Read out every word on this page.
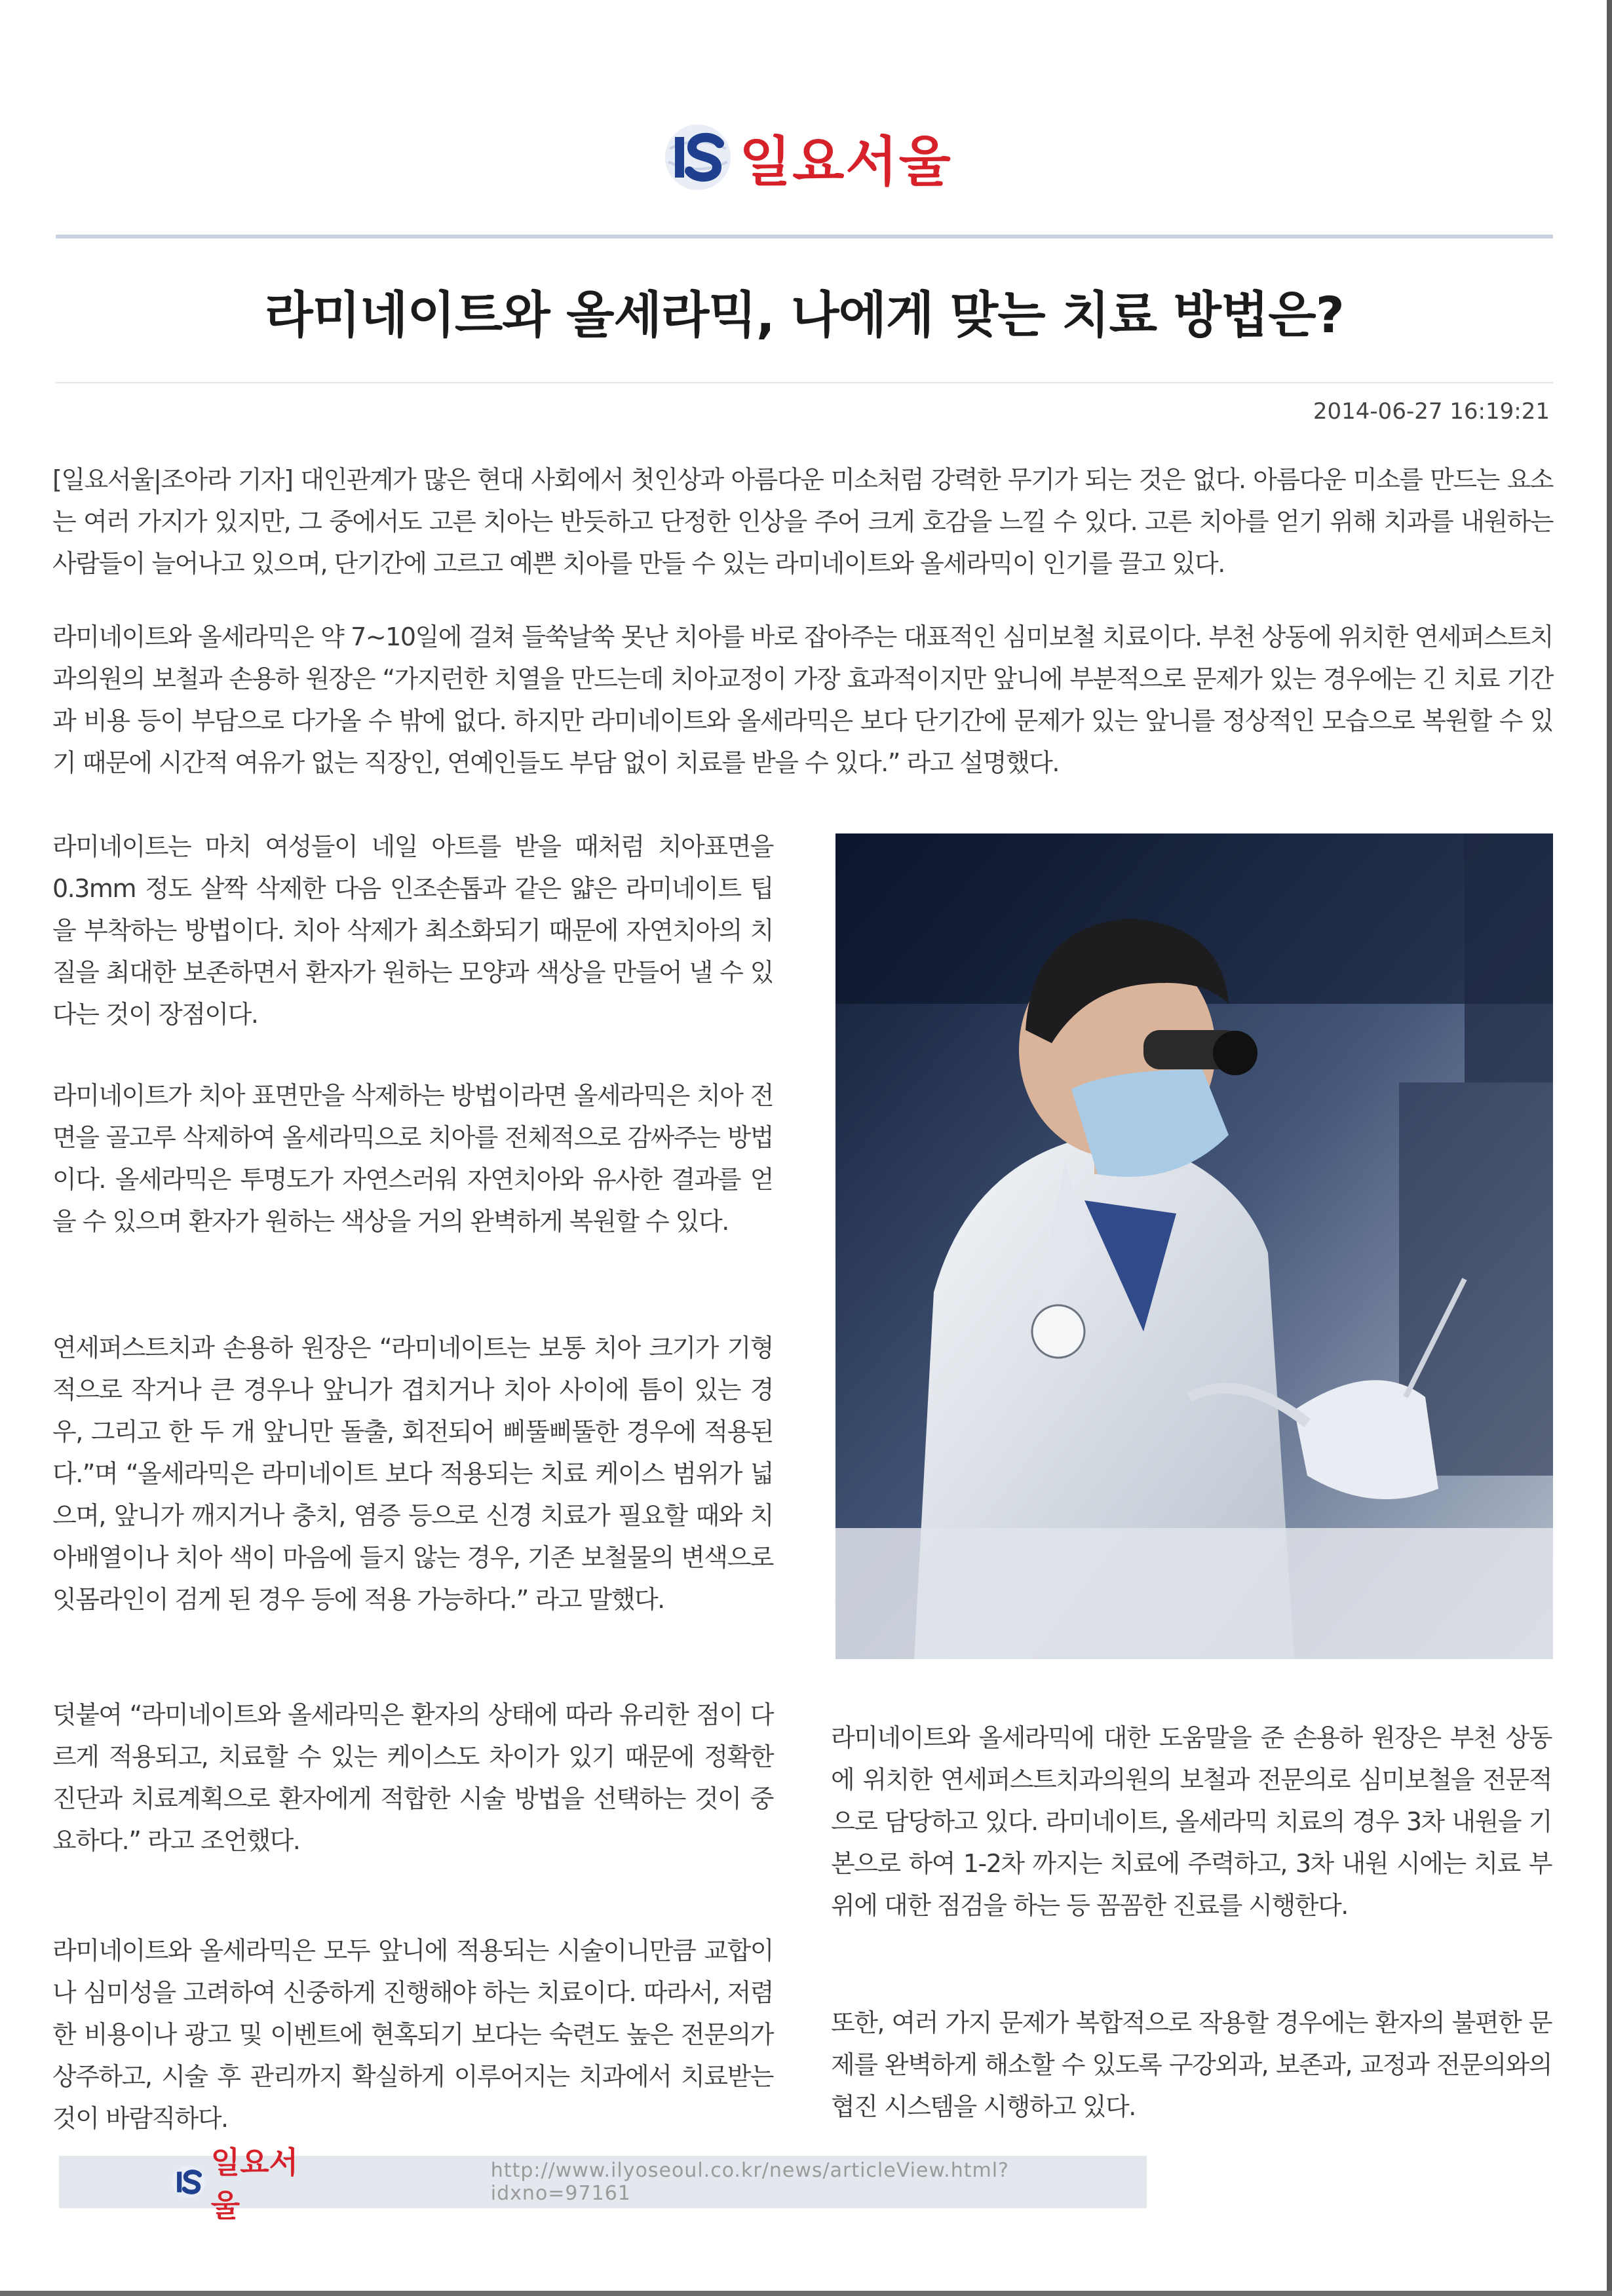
일요서울
라미네이트와 올세라믹, 나에게 맞는 치료 방법은?
2014-06-27 16:19:21

[일요서울|조아라 기자] 대인관계가 많은 현대 사회에서 첫인상과 아름다운 미소처럼 강력한 무기가 되는 것은 없다. 아름다운 미소를 만드는 요소는 여러 가지가 있지만, 그 중에서도 고른 치아는 반듯하고 단정한 인상을 주어 크게 호감을 느낄 수 있다. 고른 치아를 얻기 위해 치과를 내원하는 사람들이 늘어나고 있으며, 단기간에 고르고 예쁜 치아를 만들 수 있는 라미네이트와 올세라믹이 인기를 끌고 있다.

라미네이트와 올세라믹은 약 7~10일에 걸쳐 들쑥날쑥 못난 치아를 바로 잡아주는 대표적인 심미보철 치료이다. 부천 상동에 위치한 연세퍼스트치과의원의 보철과 손용하 원장은 “가지런한 치열을 만드는데 치아교정이 가장 효과적이지만 앞니에 부분적으로 문제가 있는 경우에는 긴 치료 기간과 비용 등이 부담으로 다가올 수 밖에 없다. 하지만 라미네이트와 올세라믹은 보다 단기간에 문제가 있는 앞니를 정상적인 모습으로 복원할 수 있기 때문에 시간적 여유가 없는 직장인, 연예인들도 부담 없이 치료를 받을 수 있다.” 라고 설명했다.

라미네이트는 마치 여성들이 네일 아트를 받을 때처럼 치아표면을 0.3mm 정도 살짝 삭제한 다음 인조손톱과 같은 얇은 라미네이트 팁을 부착하는 방법이다. 치아 삭제가 최소화되기 때문에 자연치아의 치질을 최대한 보존하면서 환자가 원하는 모양과 색상을 만들어 낼 수 있다는 것이 장점이다.

라미네이트가 치아 표면만을 삭제하는 방법이라면 올세라믹은 치아 전면을 골고루 삭제하여 올세라믹으로 치아를 전체적으로 감싸주는 방법이다. 올세라믹은 투명도가 자연스러워 자연치아와 유사한 결과를 얻을 수 있으며 환자가 원하는 색상을 거의 완벽하게 복원할 수 있다.

연세퍼스트치과 손용하 원장은 “라미네이트는 보통 치아 크기가 기형적으로 작거나 큰 경우나 앞니가 겹치거나 치아 사이에 틈이 있는 경우, 그리고 한 두 개 앞니만 돌출, 회전되어 삐뚤삐뚤한 경우에 적용된다.”며 “올세라믹은 라미네이트 보다 적용되는 치료 케이스 범위가 넓으며, 앞니가 깨지거나 충치, 염증 등으로 신경 치료가 필요할 때와 치아배열이나 치아 색이 마음에 들지 않는 경우, 기존 보철물의 변색으로 잇몸라인이 검게 된 경우 등에 적용 가능하다.” 라고 말했다.

덧붙여 “라미네이트와 올세라믹은 환자의 상태에 따라 유리한 점이 다르게 적용되고, 치료할 수 있는 케이스도 차이가 있기 때문에 정확한 진단과 치료계획으로 환자에게 적합한 시술 방법을 선택하는 것이 중요하다.” 라고 조언했다.

라미네이트와 올세라믹은 모두 앞니에 적용되는 시술이니만큼 교합이나 심미성을 고려하여 신중하게 진행해야 하는 치료이다. 따라서, 저렴한 비용이나 광고 및 이벤트에 현혹되기 보다는 숙련도 높은 전문의가 상주하고, 시술 후 관리까지 확실하게 이루어지는 치과에서 치료받는 것이 바람직하다.

라미네이트와 올세라믹에 대한 도움말을 준 손용하 원장은 부천 상동에 위치한 연세퍼스트치과의원의 보철과 전문의로 심미보철을 전문적으로 담당하고 있다. 라미네이트, 올세라믹 치료의 경우 3차 내원을 기본으로 하여 1-2차 까지는 치료에 주력하고, 3차 내원 시에는 치료 부위에 대한 점검을 하는 등 꼼꼼한 진료를 시행한다.

또한, 여러 가지 문제가 복합적으로 작용할 경우에는 환자의 불편한 문제를 완벽하게 해소할 수 있도록 구강외과, 보존과, 교정과 전문의와의 협진 시스템을 시행하고 있다.

일요서울
http://www.ilyoseoul.co.kr/news/articleView.html?idxno=97161
